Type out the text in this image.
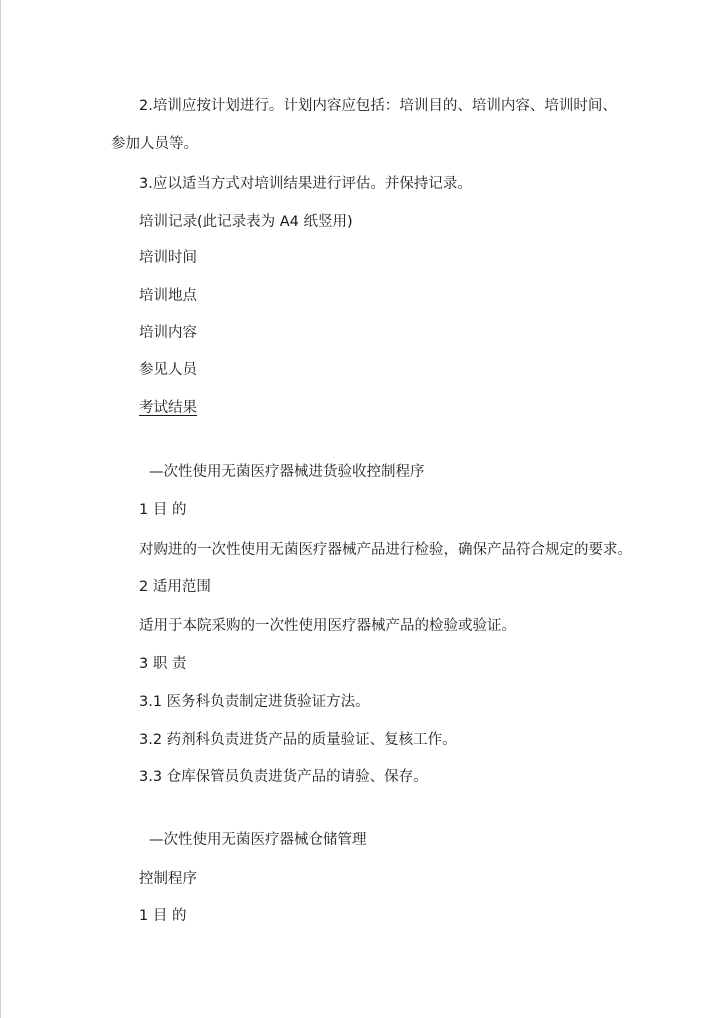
2.培训应按计划进行。计划内容应包括：培训目的、培训内容、培训时间、
参加人员等。
3.应以适当方式对培训结果进行评估。并保持记录。
培训记录(此记录表为 A4 纸竖用)
培训时间
培训地点
培训内容
参见人员
考试结果
—次性使用无菌医疗器械进货验收控制程序
1 目 的
对购进的一次性使用无菌医疗器械产品进行检验，确保产品符合规定的要求。
2 适用范围
适用于本院采购的一次性使用医疗器械产品的检验或验证。
3 职 责
3.1 医务科负责制定进货验证方法。
3.2 药剂科负责进货产品的质量验证、复核工作。
3.3 仓库保管员负责进货产品的请验、保存。
—次性使用无菌医疗器械仓储管理
控制程序
1 目 的
